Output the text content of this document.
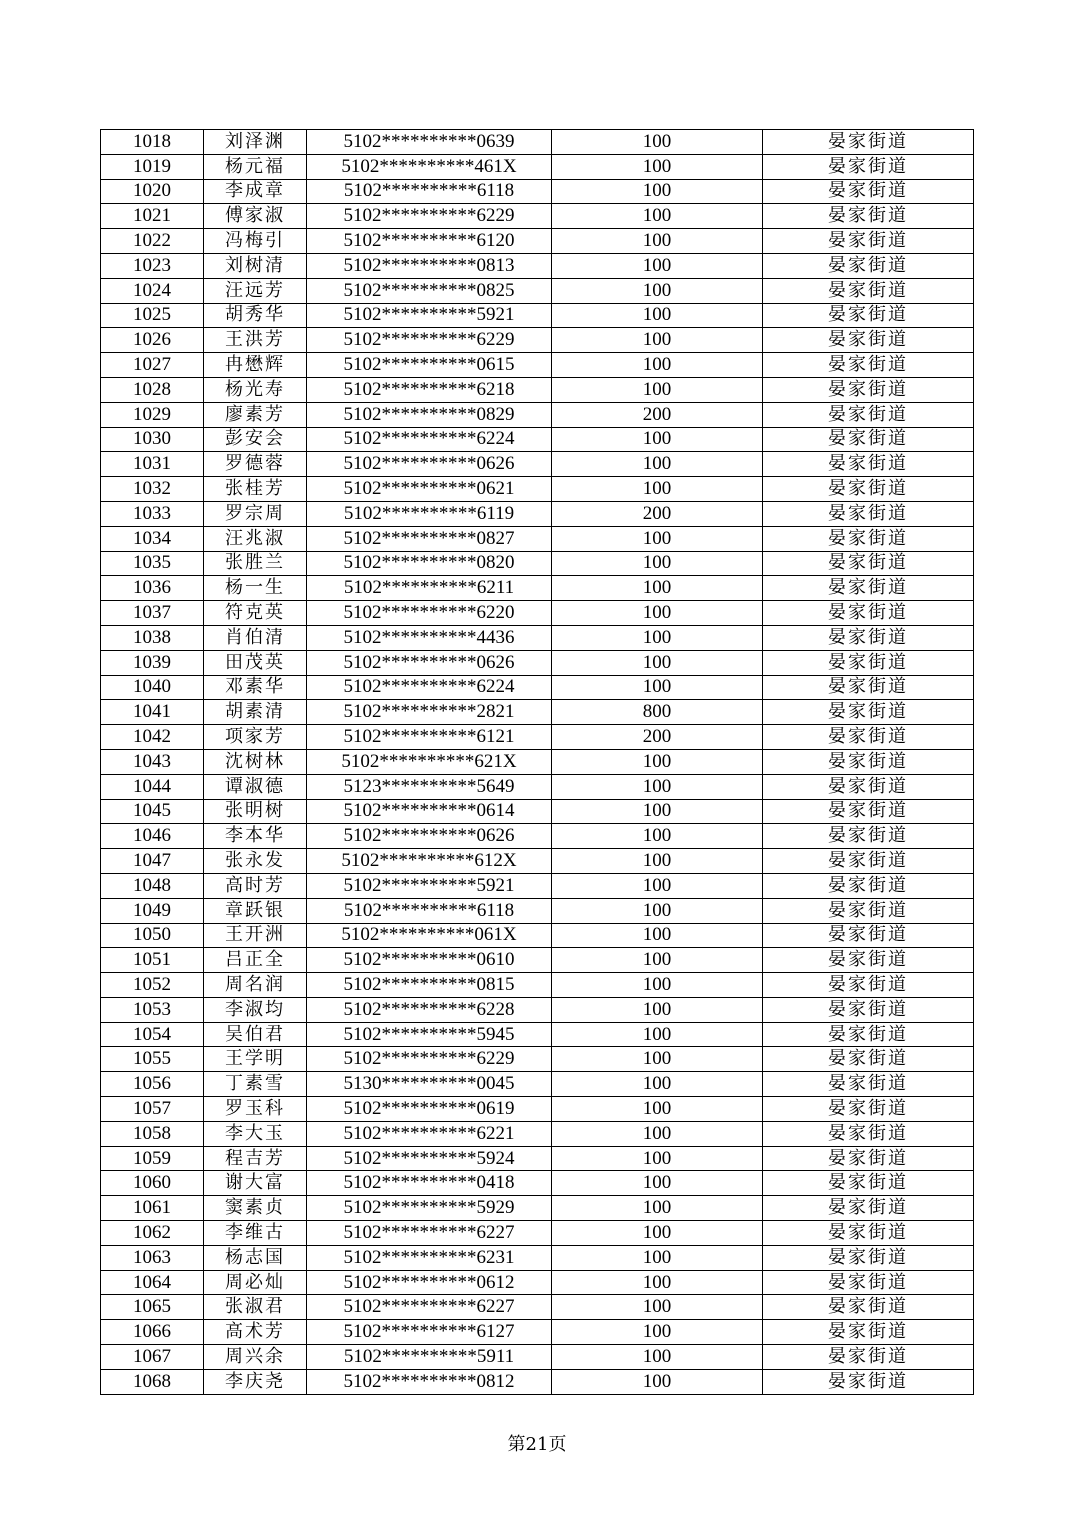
1018	刘泽渊	5102**********0639	100	晏家街道
1019	杨元福	5102**********461X	100	晏家街道
1020	李成章	5102**********6118	100	晏家街道
1021	傅家淑	5102**********6229	100	晏家街道
1022	冯梅引	5102**********6120	100	晏家街道
1023	刘树清	5102**********0813	100	晏家街道
1024	汪远芳	5102**********0825	100	晏家街道
1025	胡秀华	5102**********5921	100	晏家街道
1026	王洪芳	5102**********6229	100	晏家街道
1027	冉懋辉	5102**********0615	100	晏家街道
1028	杨光寿	5102**********6218	100	晏家街道
1029	廖素芳	5102**********0829	200	晏家街道
1030	彭安会	5102**********6224	100	晏家街道
1031	罗德蓉	5102**********0626	100	晏家街道
1032	张桂芳	5102**********0621	100	晏家街道
1033	罗宗周	5102**********6119	200	晏家街道
1034	汪兆淑	5102**********0827	100	晏家街道
1035	张胜兰	5102**********0820	100	晏家街道
1036	杨一生	5102**********6211	100	晏家街道
1037	符克英	5102**********6220	100	晏家街道
1038	肖伯清	5102**********4436	100	晏家街道
1039	田茂英	5102**********0626	100	晏家街道
1040	邓素华	5102**********6224	100	晏家街道
1041	胡素清	5102**********2821	800	晏家街道
1042	项家芳	5102**********6121	200	晏家街道
1043	沈树林	5102**********621X	100	晏家街道
1044	谭淑德	5123**********5649	100	晏家街道
1045	张明树	5102**********0614	100	晏家街道
1046	李本华	5102**********0626	100	晏家街道
1047	张永发	5102**********612X	100	晏家街道
1048	高时芳	5102**********5921	100	晏家街道
1049	章跃银	5102**********6118	100	晏家街道
1050	王开洲	5102**********061X	100	晏家街道
1051	吕正全	5102**********0610	100	晏家街道
1052	周名润	5102**********0815	100	晏家街道
1053	李淑均	5102**********6228	100	晏家街道
1054	吴伯君	5102**********5945	100	晏家街道
1055	王学明	5102**********6229	100	晏家街道
1056	丁素雪	5130**********0045	100	晏家街道
1057	罗玉科	5102**********0619	100	晏家街道
1058	李大玉	5102**********6221	100	晏家街道
1059	程吉芳	5102**********5924	100	晏家街道
1060	谢大富	5102**********0418	100	晏家街道
1061	窦素贞	5102**********5929	100	晏家街道
1062	李维古	5102**********6227	100	晏家街道
1063	杨志国	5102**********6231	100	晏家街道
1064	周必灿	5102**********0612	100	晏家街道
1065	张淑君	5102**********6227	100	晏家街道
1066	高术芳	5102**********6127	100	晏家街道
1067	周兴余	5102**********5911	100	晏家街道
1068	李庆尧	5102**********0812	100	晏家街道
第21页
